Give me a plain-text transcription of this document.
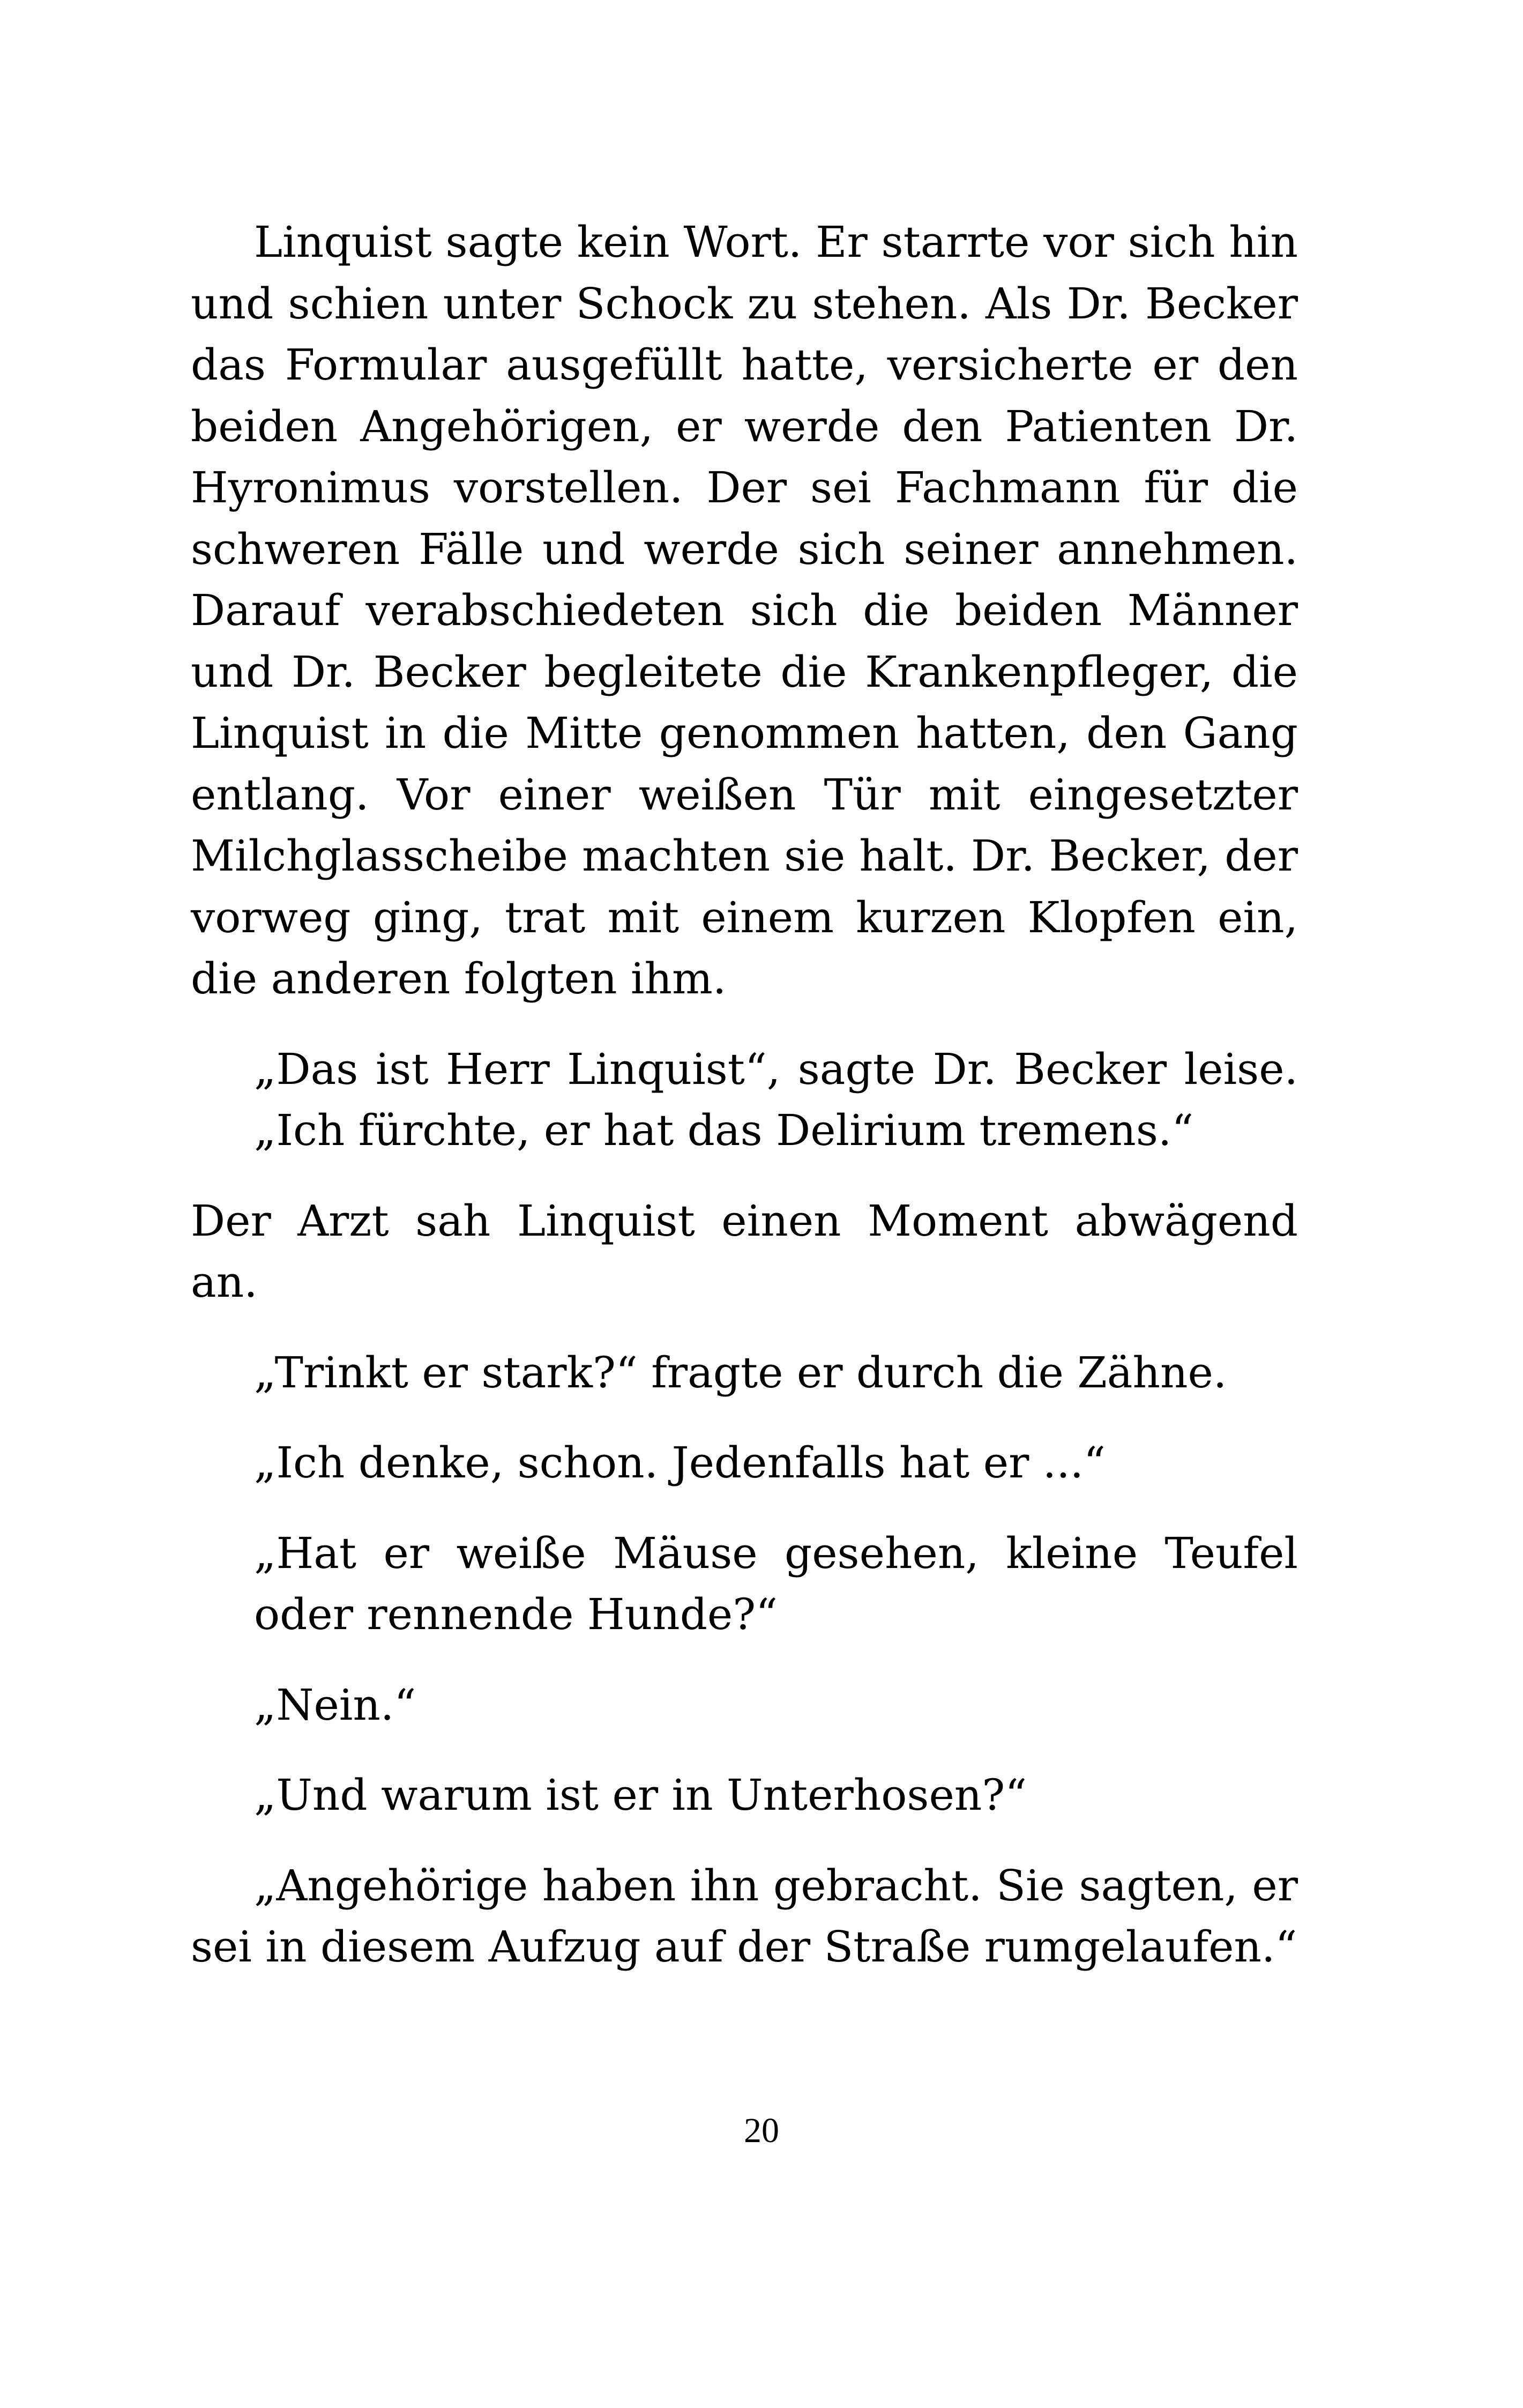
Linquist sagte kein Wort. Er starrte vor sich hin und schien unter Schock zu stehen. Als Dr. Becker das Formular ausgefüllt hatte, versicherte er den beiden Angehörigen, er werde den Patienten Dr. Hyronimus vorstellen. Der sei Fachmann für die schweren Fälle und werde sich seiner annehmen. Darauf verabschiedeten sich die beiden Männer und Dr. Becker begleitete die Krankenpfleger, die Linquist in die Mitte genommen hatten, den Gang entlang. Vor einer weißen Tür mit eingesetzter Milchglasscheibe machten sie halt. Dr. Becker, der vorweg ging, trat mit einem kurzen Klopfen ein, die anderen folgten ihm.

„Das ist Herr Linquist“, sagte Dr. Becker leise. „Ich fürchte, er hat das Delirium tremens.“

Der Arzt sah Linquist einen Moment abwägend an.

„Trinkt er stark?“ fragte er durch die Zähne.

„Ich denke, schon. Jedenfalls hat er ...“

„Hat er weiße Mäuse gesehen, kleine Teufel oder rennende Hunde?“

„Nein.“

„Und warum ist er in Unterhosen?“

„Angehörige haben ihn gebracht. Sie sagten, er sei in diesem Aufzug auf der Straße rumgelaufen.“

20
